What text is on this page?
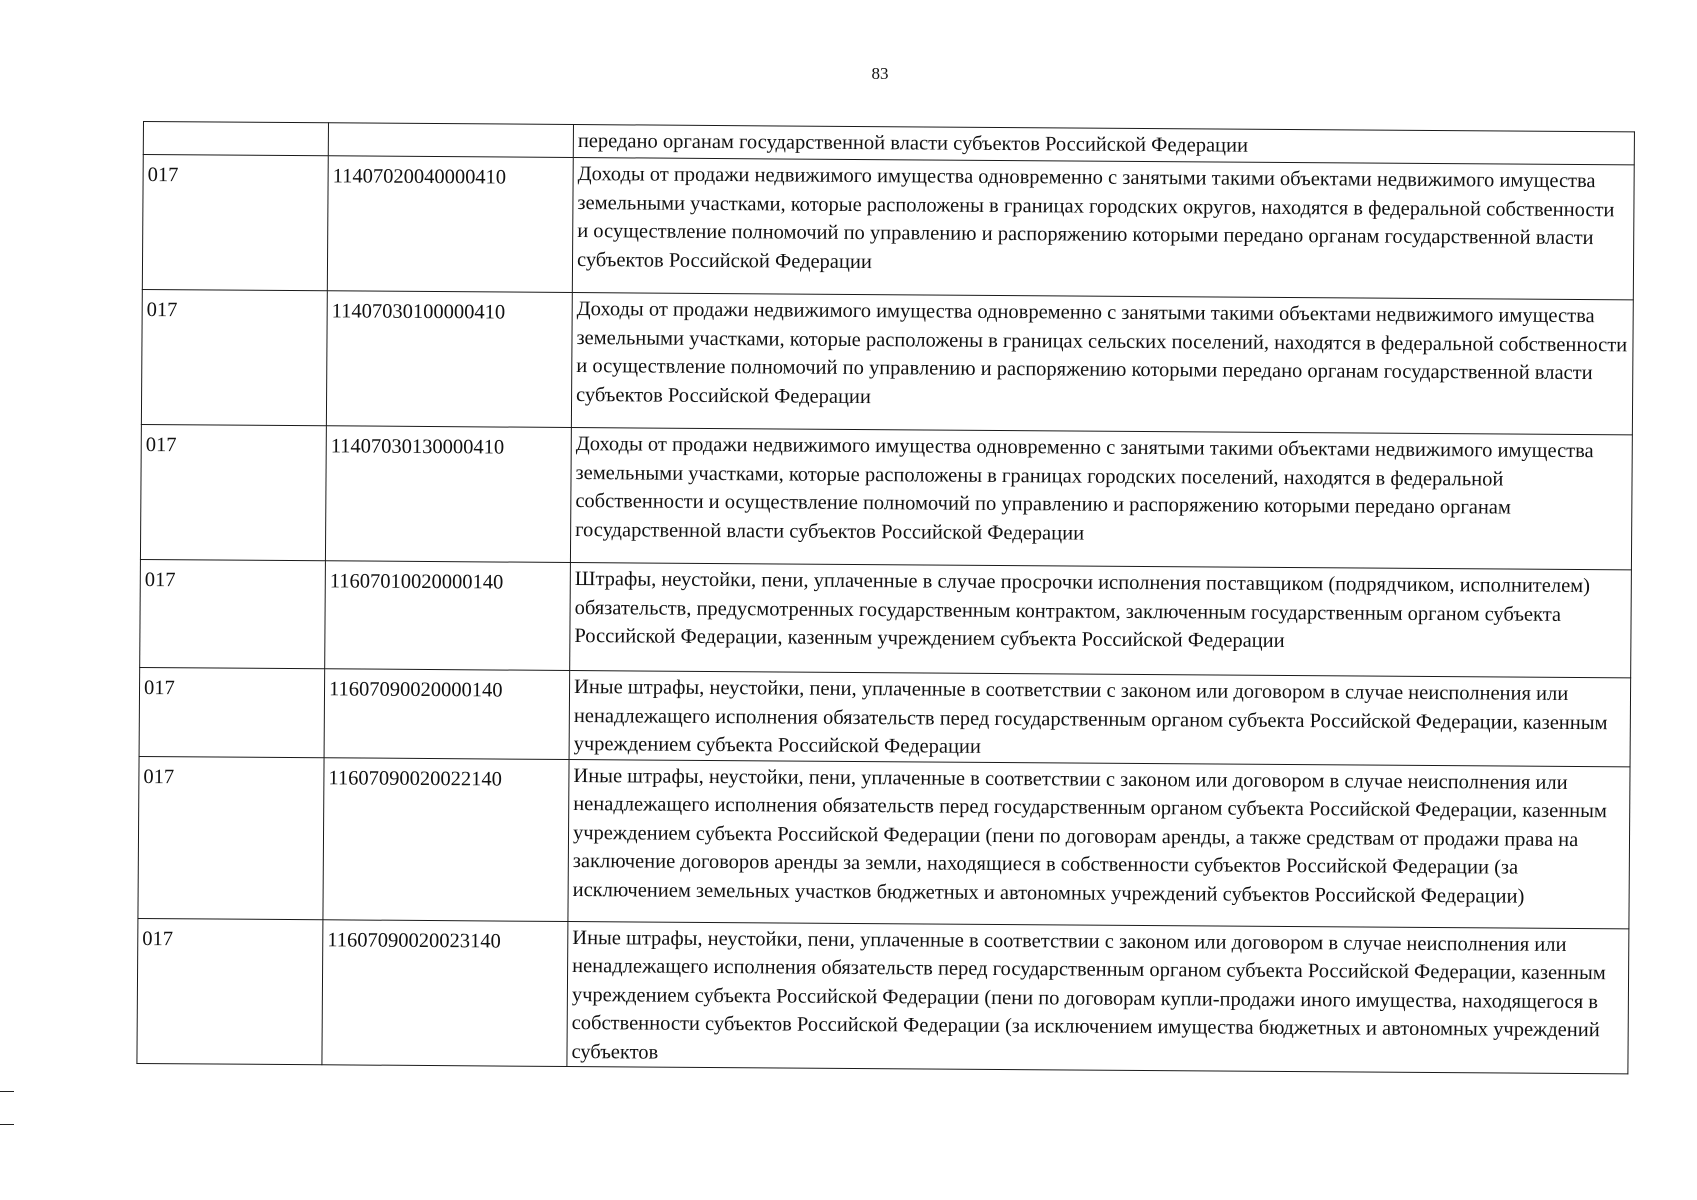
83
		передано органам государственной власти субъектов Российской Федерации
017	11407020040000410	Доходы от продажи недвижимого имущества одновременно с занятыми такими объектами недвижимого имущества земельными участками, которые расположены в границах городских округов, находятся в федеральной собственности и осуществление полномочий по управлению и распоряжению которыми передано органам государственной власти субъектов Российской Федерации
017	11407030100000410	Доходы от продажи недвижимого имущества одновременно с занятыми такими объектами недвижимого имущества земельными участками, которые расположены в границах сельских поселений, находятся в федеральной собственности и осуществление полномочий по управлению и распоряжению которыми передано органам государственной власти субъектов Российской Федерации
017	11407030130000410	Доходы от продажи недвижимого имущества одновременно с занятыми такими объектами недвижимого имущества земельными участками, которые расположены в границах городских поселений, находятся в федеральной собственности и осуществление полномочий по управлению и распоряжению которыми передано органам государственной власти субъектов Российской Федерации
017	11607010020000140	Штрафы, неустойки, пени, уплаченные в случае просрочки исполнения поставщиком (подрядчиком, исполнителем) обязательств, предусмотренных государственным контрактом, заключенным государственным органом субъекта Российской Федерации, казенным учреждением субъекта Российской Федерации
017	11607090020000140	Иные штрафы, неустойки, пени, уплаченные в соответствии с законом или договором в случае неисполнения или ненадлежащего исполнения обязательств перед государственным органом субъекта Российской Федерации, казенным учреждением субъекта Российской Федерации
017	11607090020022140	Иные штрафы, неустойки, пени, уплаченные в соответствии с законом или договором в случае неисполнения или ненадлежащего исполнения обязательств перед государственным органом субъекта Российской Федерации, казенным учреждением субъекта Российской Федерации (пени по договорам аренды, а также средствам от продажи права на заключение договоров аренды за земли, находящиеся в собственности субъектов Российской Федерации (за исключением земельных участков бюджетных и автономных учреждений субъектов Российской Федерации)
017	11607090020023140	Иные штрафы, неустойки, пени, уплаченные в соответствии с законом или договором в случае неисполнения или ненадлежащего исполнения обязательств перед государственным органом субъекта Российской Федерации, казенным учреждением субъекта Российской Федерации (пени по договорам купли-продажи иного имущества, находящегося в собственности субъектов Российской Федерации (за исключением имущества бюджетных и автономных учреждений субъектов
